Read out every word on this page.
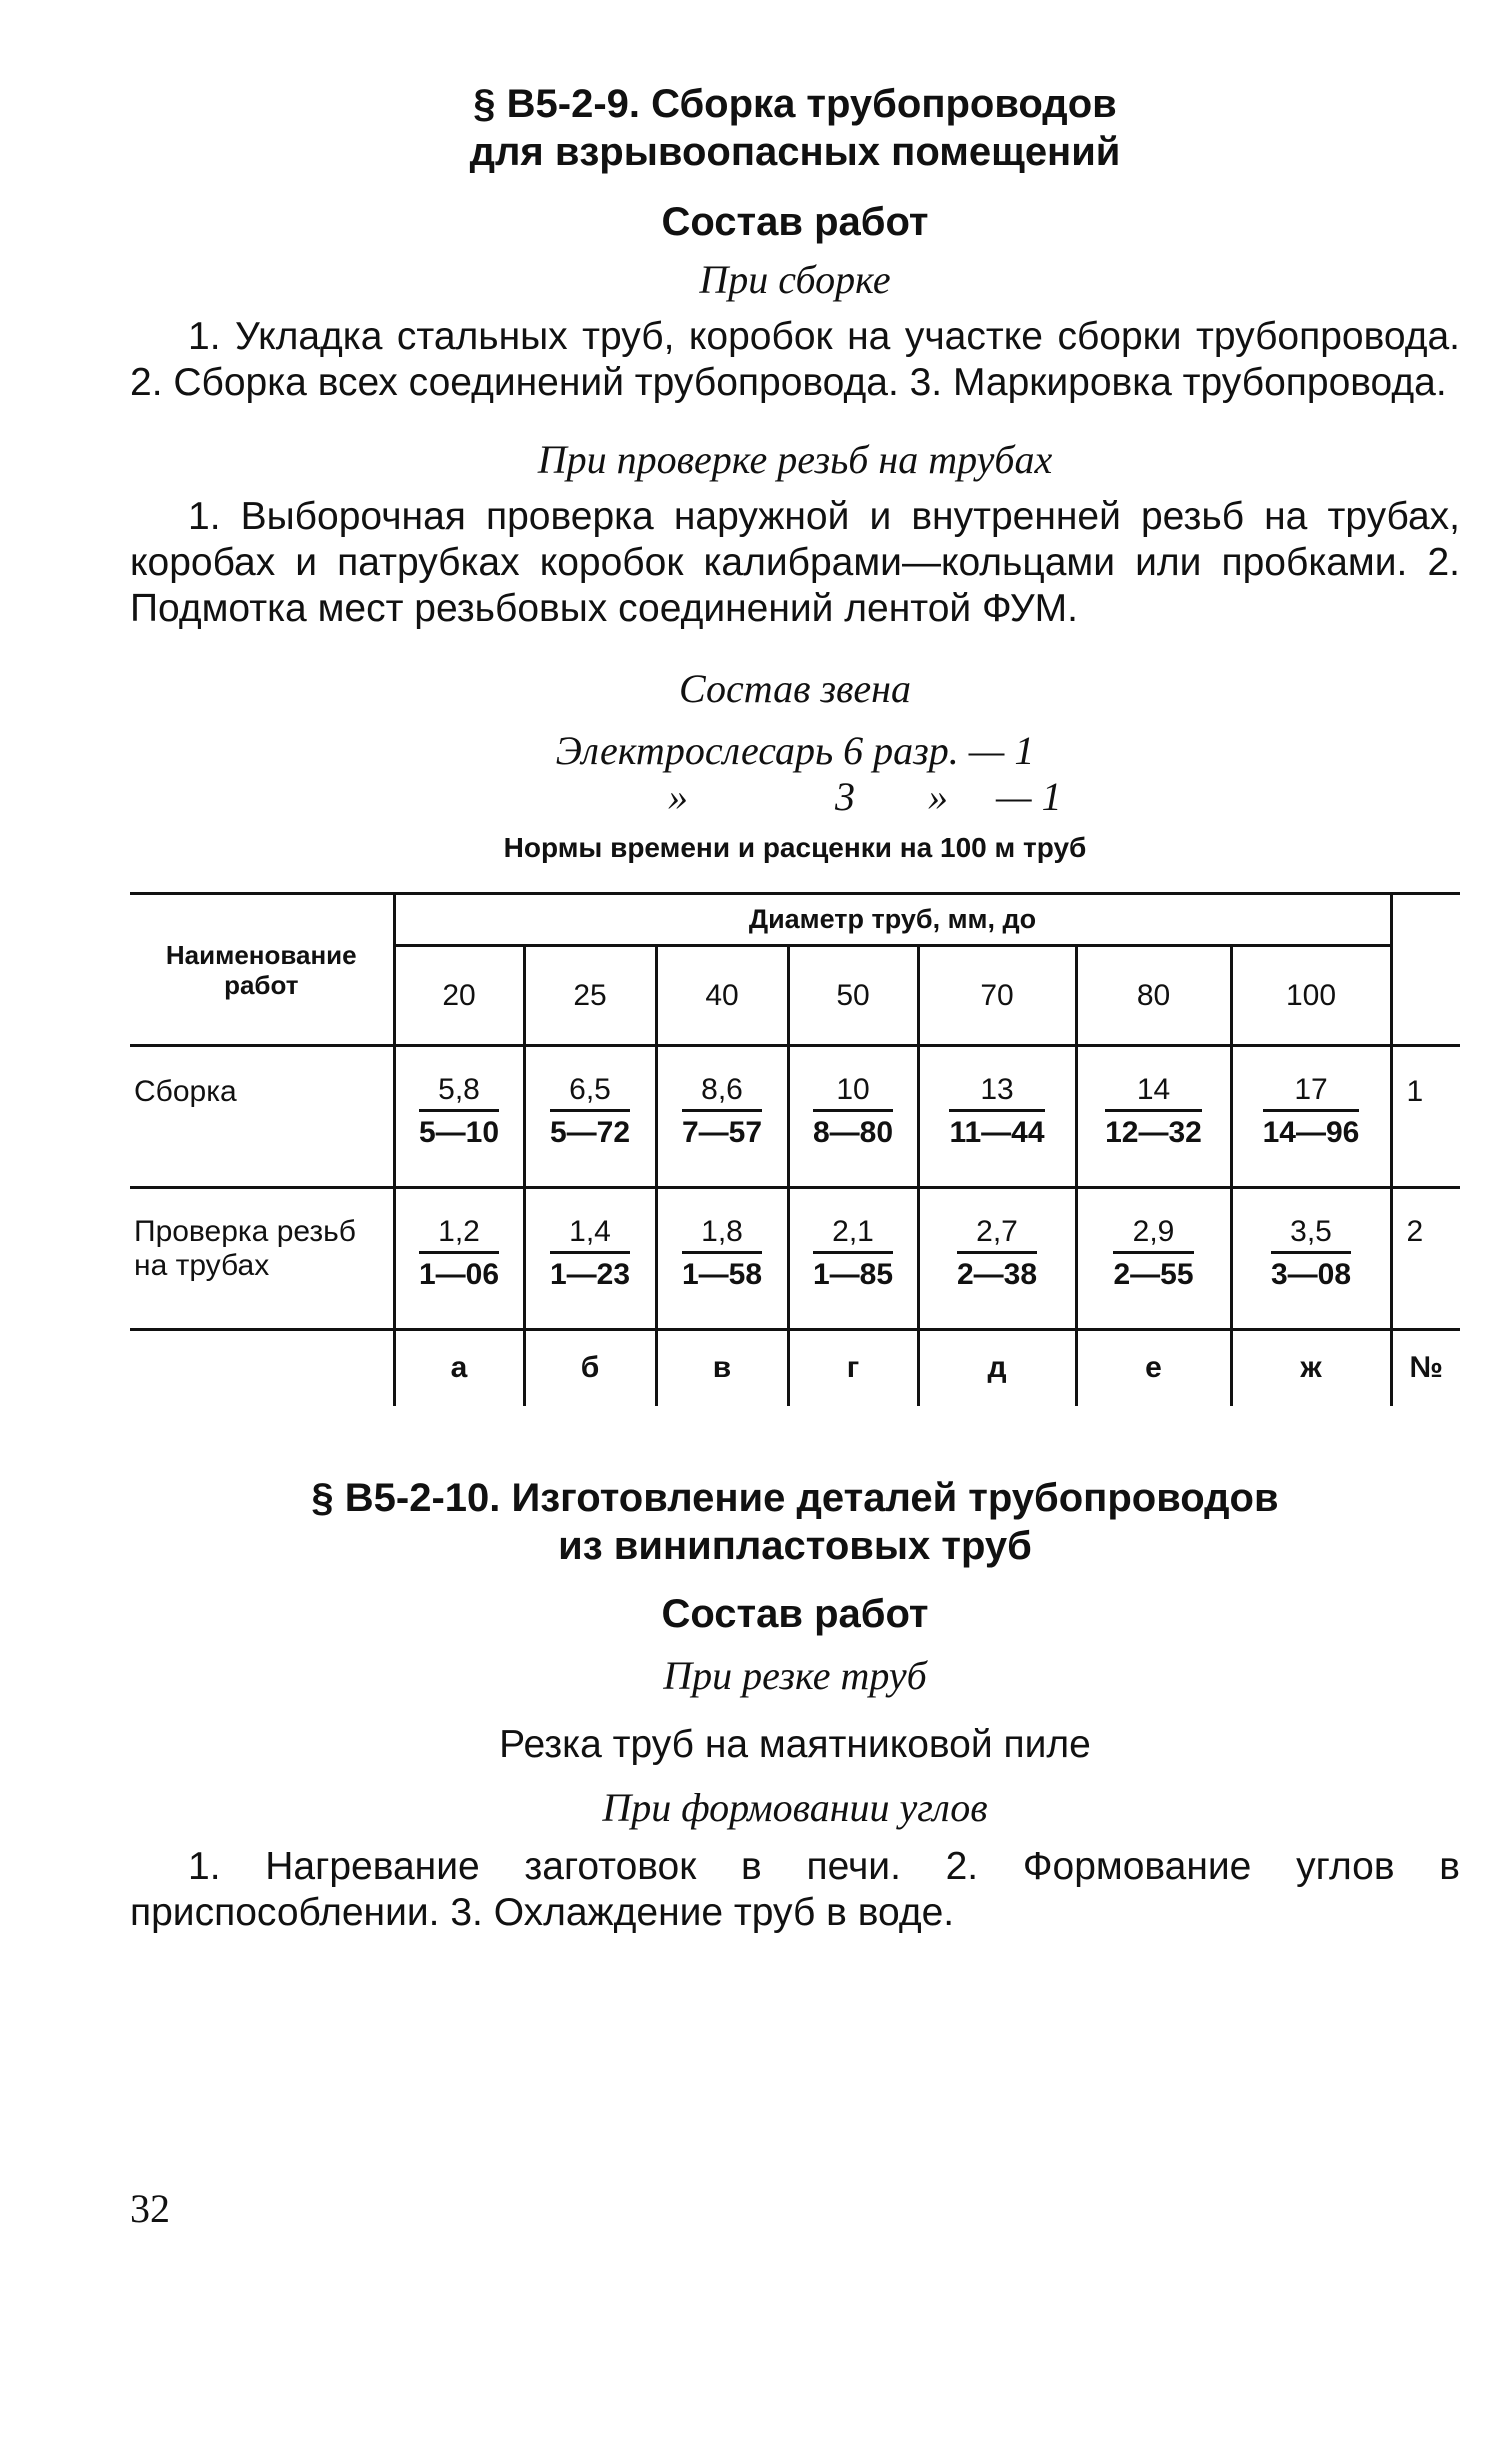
§ В5-2-9. Сборка трубопроводов
для взрывоопасных помещений
Состав работ
При сборке

1. Укладка стальных труб, коробок на участке сборки трубопровода. 2. Сборка всех соединений трубопровода. 3. Маркировка трубопровода.

При проверке резьб на трубах

1. Выборочная проверка наружной и внутренней резьб на трубах, коробах и патрубках коробок калибрами—кольцами или пробками. 2. Подмотка мест резьбовых соединений лентой ФУМ.

Состав звена
Электрослесарь 6 разр. — 1
»	3 » — 1
Нормы времени и расценки на 100 м труб
Наименование работ	Диаметр труб, мм, до							
	20	25	40	50	70	80	100	
Сборка	$\frac{5,8}{5—10}$	$\frac{6,5}{5—72}$	$\frac{8,6}{7—57}$	$\frac{10}{8—80}$	$\frac{13}{11—44}$	$\frac{14}{12—32}$	$\frac{17}{14—96}$	1
Проверка резьб на трубах	$\frac{1,2}{1—06}$	$\frac{1,4}{1—23}$	$\frac{1,8}{1—58}$	$\frac{2,1}{1—85}$	$\frac{2,7}{2—38}$	$\frac{2,9}{2—55}$	$\frac{3,5}{3—08}$	2
	а	б	в	г	д	е	ж	№
§ В5-2-10. Изготовление деталей трубопроводов
из винипластовых труб
Состав работ
При резке труб
Резка труб на маятниковой пиле
При формовании углов

1. Нагревание заготовок в печи. 2. Формование углов в приспособлении. 3. Охлаждение труб в воде.

32
